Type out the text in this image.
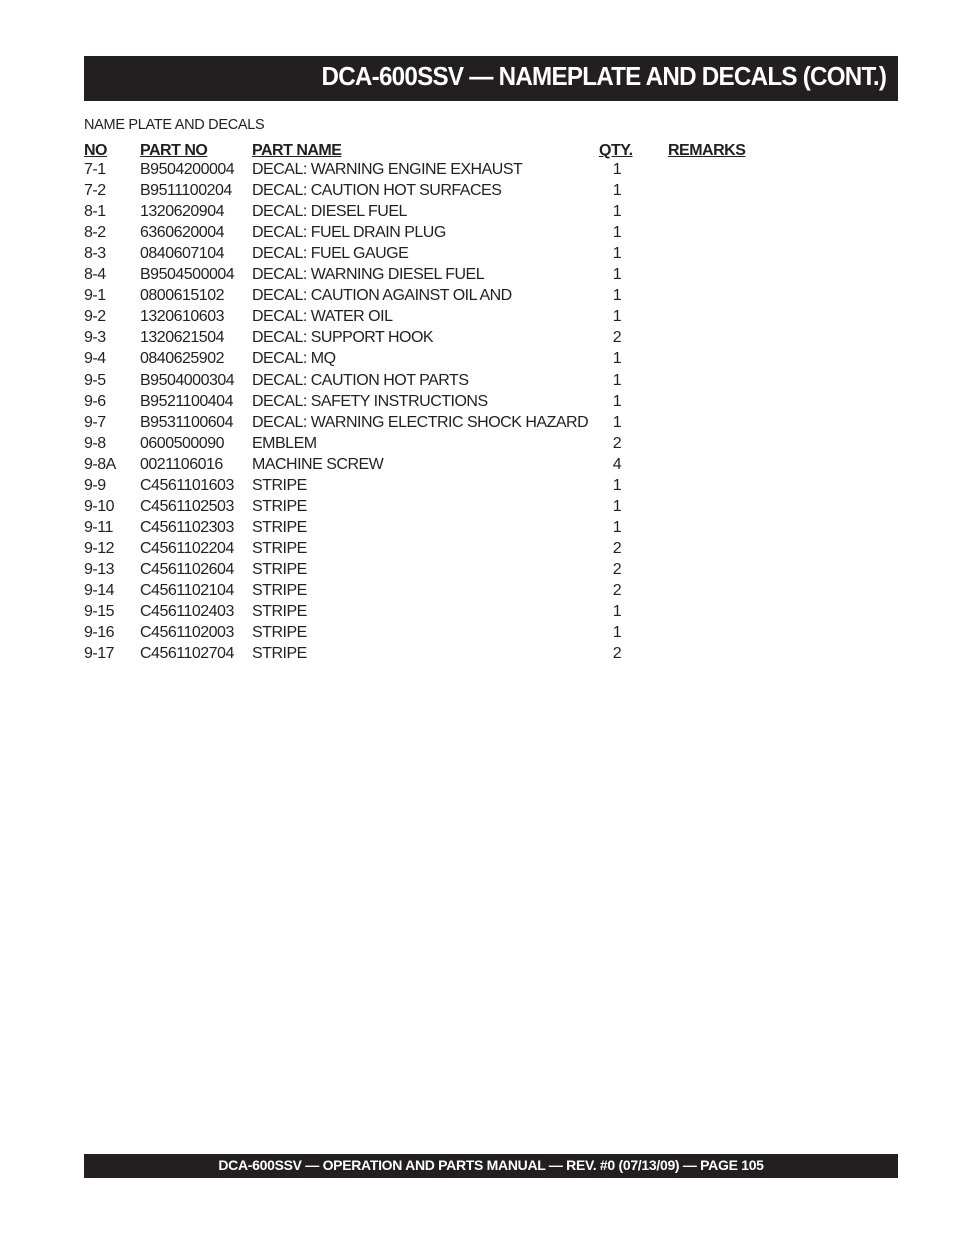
DCA-600SSV — NAMEPLATE AND DECALS (CONT.)
NAME PLATE AND DECALS
NO PART NO	PART NAME	QTY. REMARKS
7-1 B9504200004 DECAL: WARNING ENGINE EXHAUST	1
7-2 B9511100204 DECAL: CAUTION HOT SURFACES	1
8-1 1320620904 DECAL: DIESEL FUEL	1
8-2 6360620004 DECAL: FUEL DRAIN PLUG	1
8-3 0840607104 DECAL: FUEL GAUGE	1
8-4 B9504500004 DECAL: WARNING DIESEL FUEL	1
9-1 0800615102 DECAL: CAUTION AGAINST OIL AND	1
9-2 1320610603 DECAL: WATER OIL	1
9-3 1320621504 DECAL: SUPPORT HOOK	2
9-4 0840625902 DECAL: MQ	1
9-5 B9504000304 DECAL: CAUTION HOT PARTS	1
9-6 B9521100404 DECAL: SAFETY INSTRUCTIONS	1
9-7 B9531100604 DECAL: WARNING ELECTRIC SHOCK HAZARD	1
9-8 0600500090 EMBLEM	2
9-8A 0021106016 MACHINE SCREW	4
9-9 C4561101603 STRIPE	1
9-10 C4561102503 STRIPE	1
9-11 C4561102303 STRIPE	1
9-12 C4561102204 STRIPE	2
9-13 C4561102604 STRIPE	2
9-14 C4561102104 STRIPE	2
9-15 C4561102403 STRIPE	1
9-16 C4561102003 STRIPE	1
9-17 C4561102704 STRIPE	2
DCA-600SSV — OPERATION AND PARTS MANUAL — REV. #0 (07/13/09) — PAGE 105
